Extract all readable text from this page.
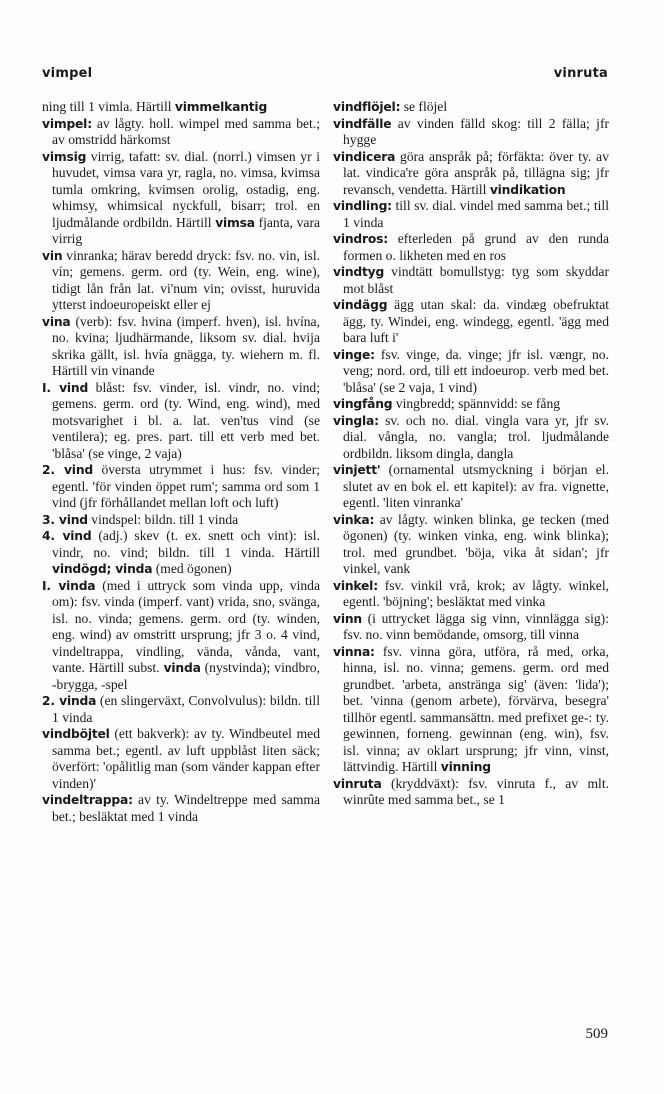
vimpel	vinruta

ning till 1 vimla. Härtill vimmelkantig

vimpel: av lågty. holl. wimpel med samma bet.; av omstridd härkomst

vimsig virrig, tafatt: sv. dial. (norrl.) vimsen yr i huvudet, vimsa vara yr, ragla, no. vimsa, kvimsa tumla omkring, kvimsen orolig, ostadig, eng. whimsy, whimsical nyckfull, bisarr; trol. en ljudmålande ordbildn. Härtill vimsa fjanta, vara virrig

vin vinranka; härav beredd dryck: fsv. no. vin, isl. vín; gemens. germ. ord (ty. Wein, eng. wine), tidigt lån från lat. vi'num vin; ovisst, huruvida ytterst indoeuropeiskt eller ej

vina (verb): fsv. hvina (imperf. hven), isl. hvína, no. kvina; ljudhärmande, liksom sv. dial. hvija skrika gällt, isl. hvía gnägga, ty. wiehern m. fl. Härtill vin vinande

I. vind blåst: fsv. vinder, isl. vindr, no. vind; gemens. germ. ord (ty. Wind, eng. wind), med motsvarighet i bl. a. lat. ven'tus vind (se ventilera); eg. pres. part. till ett verb med bet. 'blåsa' (se vinge, 2 vaja)

2. vind översta utrymmet i hus: fsv. vinder; egentl. 'för vinden öppet rum'; samma ord som 1 vind (jfr förhållandet mellan loft och luft)

3. vind vindspel: bildn. till 1 vinda

4. vind (adj.) skev (t. ex. snett och vint): isl. vindr, no. vind; bildn. till 1 vinda. Härtill vindögd; vinda (med ögonen)

I. vinda (med i uttryck som vinda upp, vinda om): fsv. vinda (imperf. vant) vrida, sno, svänga, isl. no. vinda; gemens. germ. ord (ty. winden, eng. wind) av omstritt ursprung; jfr 3 o. 4 vind, vindeltrappa, vindling, vända, vånda, vant, vante. Härtill subst. vinda (nystvinda); vindbro, -brygga, -spel

2. vinda (en slingerväxt, Convolvulus): bildn. till 1 vinda

vindböjtel (ett bakverk): av ty. Windbeutel med samma bet.; egentl. av luft uppblåst liten säck; överfört: 'opålitlig man (som vänder kappan efter vinden)'

vindeltrappa: av ty. Windeltreppe med samma bet.; besläktat med 1 vinda

vindflöjel: se flöjel

vindfälle av vinden fälld skog: till 2 fälla; jfr hygge

vindicera göra anspråk på; förfäkta: över ty. av lat. vindica're göra anspråk på, tillägna sig; jfr revansch, vendetta. Härtill vindikation

vindling: till sv. dial. vindel med samma bet.; till 1 vinda

vindros: efterleden på grund av den runda formen o. likheten med en ros

vindtyg vindtätt bomullstyg: tyg som skyddar mot blåst

vindägg ägg utan skal: da. vindæg obefruktat ägg, ty. Windei, eng. windegg, egentl. 'ägg med bara luft i'

vinge: fsv. vinge, da. vinge; jfr isl. vængr, no. veng; nord. ord, till ett indoeurop. verb med bet. 'blåsa' (se 2 vaja, 1 vind)

vingfång vingbredd; spännvidd: se fång

vingla: sv. och no. dial. vingla vara yr, jfr sv. dial. vångla, no. vangla; trol. ljudmålande ordbildn. liksom dingla, dangla

vinjett' (ornamental utsmyckning i början el. slutet av en bok el. ett kapitel): av fra. vignette, egentl. 'liten vinranka'

vinka: av lågty. winken blinka, ge tecken (med ögonen) (ty. winken vinka, eng. wink blinka); trol. med grundbet. 'böja, vika åt sidan'; jfr vinkel, vank

vinkel: fsv. vinkil vrå, krok; av lågty. winkel, egentl. 'böjning'; besläktat med vinka

vinn (i uttrycket lägga sig vinn, vinnlägga sig): fsv. no. vinn bemödande, omsorg, till vinna

vinna: fsv. vinna göra, utföra, rå med, orka, hinna, isl. no. vinna; gemens. germ. ord med grundbet. 'arbeta, anstränga sig' (även: 'lida'); bet. 'vinna (genom arbete), förvärva, besegra' tillhör egentl. sammansättn. med prefixet ge-: ty. gewinnen, forneng. gewinnan (eng. win), fsv. isl. vinna; av oklart ursprung; jfr vinn, vinst, lättvindig. Härtill vinning

vinruta (kryddväxt): fsv. vinruta f., av mlt. winrûte med samma bet., se 1

509
